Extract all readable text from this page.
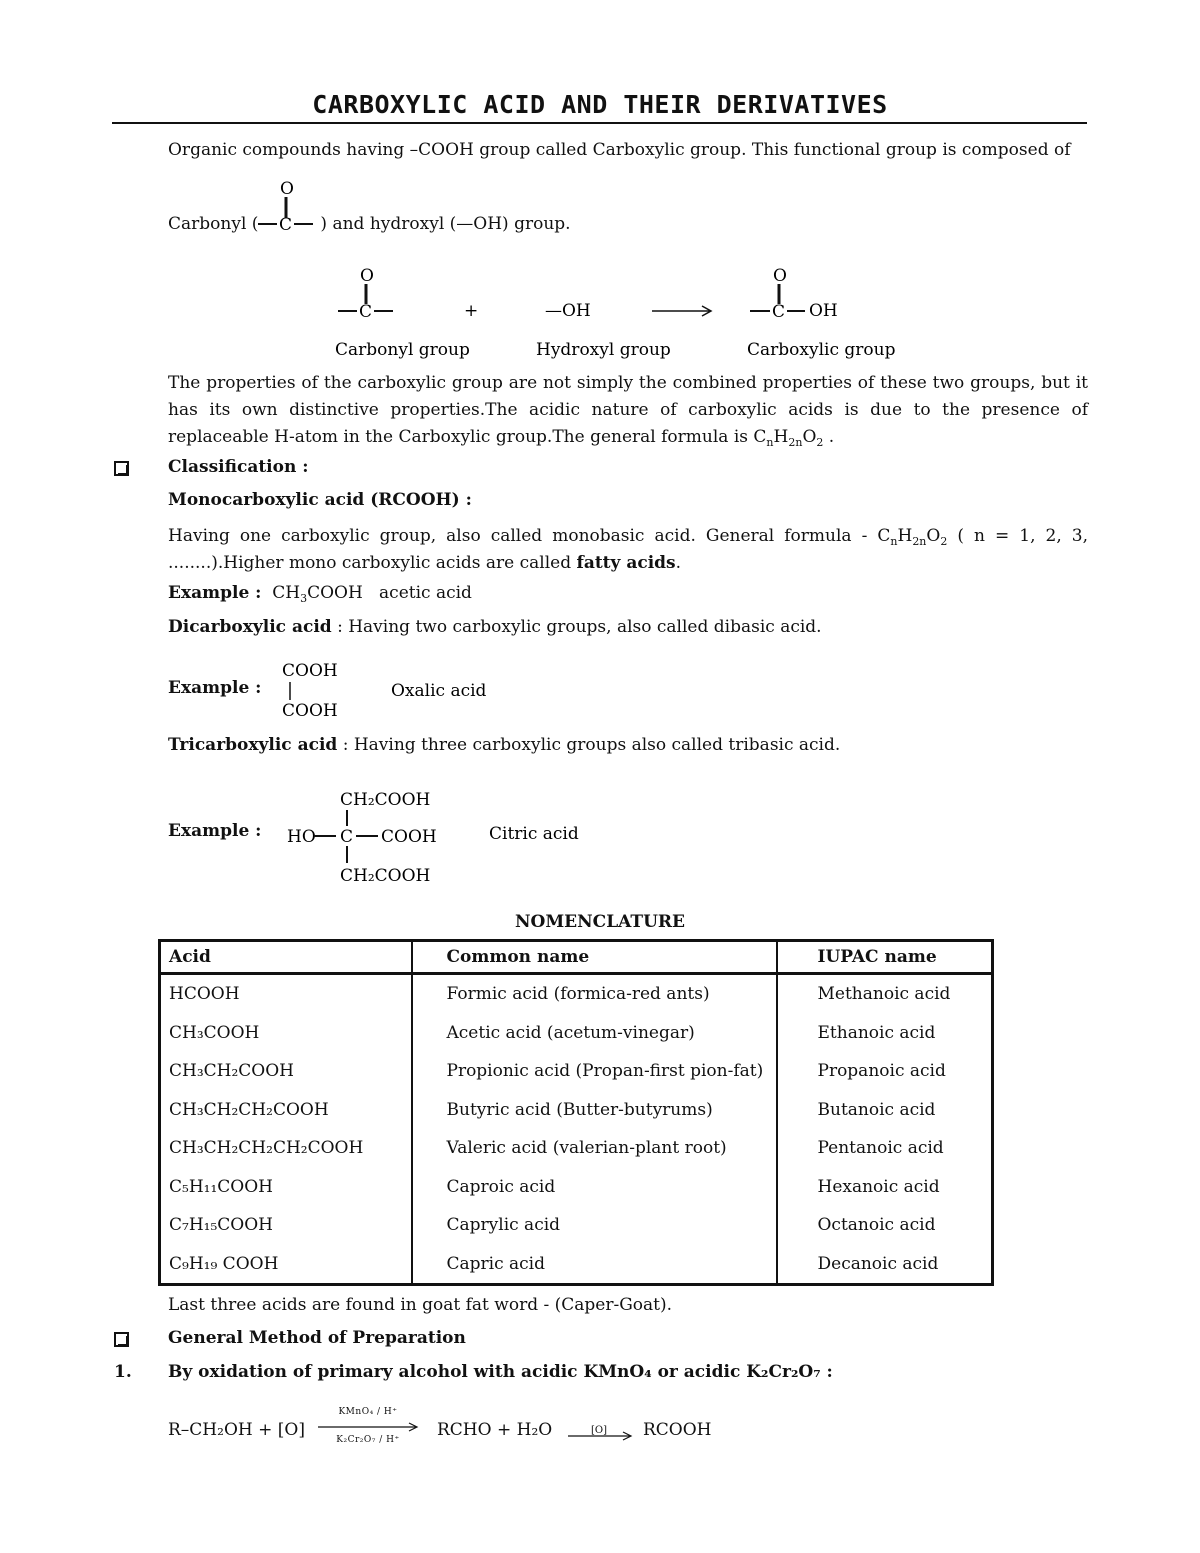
CARBOXYLIC ACID AND THEIR DERIVATIVES
Organic compounds having –COOH group called Carboxylic group. This functional group is composed of
Carbonyl (	) and hydroxyl (—OH) group.
O
C
O
C	+	—OH
O
C OH
Carbonyl group	Hydroxyl group	Carboxylic group
The properties of the carboxylic group are not simply the combined properties of these two groups, but it has its own distinctive properties.The acidic nature of carboxylic acids is due to the presence of replaceable H-atom in the Carboxylic group.The general formula is $C_nH_{2n}O_2$ .
Classification :
Monocarboxylic acid (RCOOH) :
Having one carboxylic group, also called monobasic acid. General formula - $C_nH_{2n}O_2$ ( n = 1, 2, 3, ........).Higher mono carboxylic acids are called fatty acids.
Example : $CH_3COOH$ acetic acid
Dicarboxylic acid : Having two carboxylic groups, also called dibasic acid.
Example :
COOH
COOH
Oxalic acid
Tricarboxylic acid : Having three carboxylic groups also called tribasic acid.
Example :
CH₂COOH
HO C COOH
CH₂COOH
Citric acid
NOMENCLATURE
Acid	Common name	IUPAC name
HCOOH	Formic acid (formica-red ants)	Methanoic acid
CH₃COOH	Acetic acid (acetum-vinegar)	Ethanoic acid
CH₃CH₂COOH	Propionic acid (Propan-first pion-fat)	Propanoic acid
CH₃CH₂CH₂COOH	Butyric acid (Butter-butyrums)	Butanoic acid
CH₃CH₂CH₂CH₂COOH	Valeric acid (valerian-plant root)	Pentanoic acid
C₅H₁₁COOH	Caproic acid	Hexanoic acid
C₇H₁₅COOH	Caprylic acid	Octanoic acid
C₉H₁₉ COOH	Capric acid	Decanoic acid
Last three acids are found in goat fat word - (Caper-Goat).
General Method of Preparation
1. By oxidation of primary alcohol with acidic KMnO₄ or acidic K₂Cr₂O₇ :
R–CH₂OH + [O]
KMnO₄ / H⁺
K₂Cr₂O₇ / H⁺	RCHO + H₂O	[O]	RCOOH
